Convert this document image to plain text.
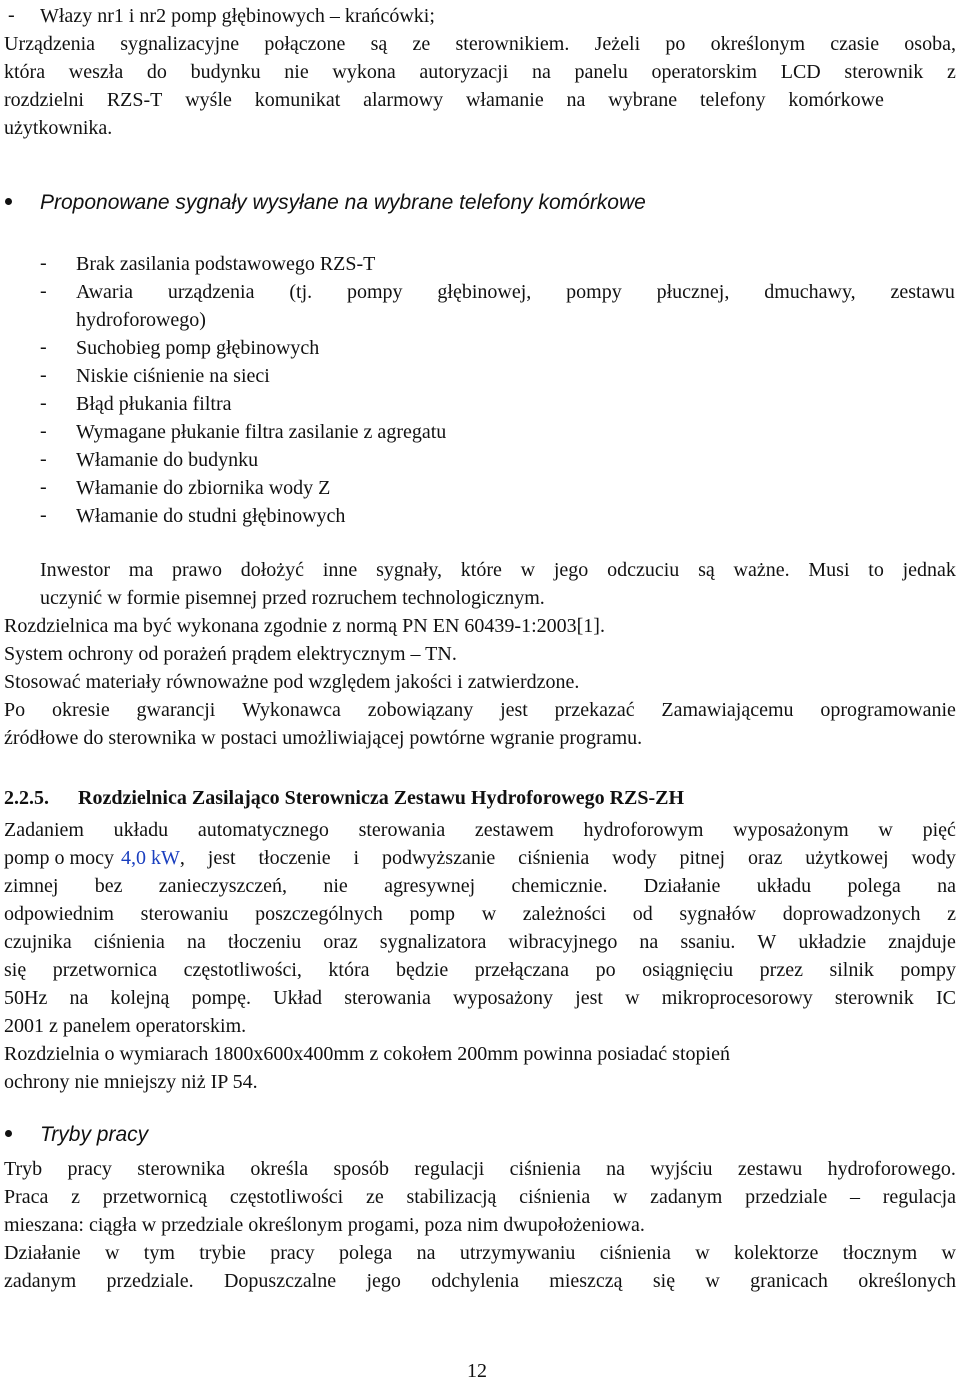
- Włazy nr1 i nr2 pomp głębinowych – krańcówki;
Urządzenia sygnalizacyjne połączone są ze sterownikiem. Jeżeli po określonym czasie osoba,
która weszła do budynku nie wykona autoryzacji na panelu operatorskim LCD sterownik z
rozdzielni RZS-T wyśle komunikat alarmowy włamanie na wybrane telefony komórkowe
użytkownika.
Proponowane sygnały wysyłane na wybrane telefony komórkowe
- Brak zasilania podstawowego RZS-T
- Awaria urządzenia (tj. pompy głębinowej, pompy płucznej, dmuchawy, zestawu
hydroforowego)
- Suchobieg pomp głębinowych
- Niskie ciśnienie na sieci
- Błąd płukania filtra
- Wymagane płukanie filtra zasilanie z agregatu
- Włamanie do budynku
- Włamanie do zbiornika wody Z
- Włamanie do studni głębinowych
Inwestor ma prawo dołożyć inne sygnały, które w jego odczuciu są ważne. Musi to jednak
uczynić w formie pisemnej przed rozruchem technologicznym.
Rozdzielnica ma być wykonana zgodnie z normą PN EN 60439-1:2003[1].
System ochrony od porażeń prądem elektrycznym – TN.
Stosować materiały równoważne pod względem jakości i zatwierdzone.
Po okresie gwarancji Wykonawca zobowiązany jest przekazać Zamawiającemu oprogramowanie
źródłowe do sterownika w postaci umożliwiającej powtórne wgranie programu.
2.2.5. Rozdzielnica Zasilająco Sterownicza Zestawu Hydroforowego RZS-ZH
Zadaniem układu automatycznego sterowania zestawem hydroforowym wyposażonym w pięć
pomp o mocy 4,0 kW , jest tłoczenie i podwyższanie ciśnienia wody pitnej oraz użytkowej wody
zimnej bez zanieczyszczeń, nie agresywnej chemicznie. Działanie układu polega na
odpowiednim sterowaniu poszczególnych pomp w zależności od sygnałów doprowadzonych z
czujnika ciśnienia na tłoczeniu oraz sygnalizatora wibracyjnego na ssaniu. W układzie znajduje
się przetwornica częstotliwości, która będzie przełączana po osiągnięciu przez silnik pompy
50Hz na kolejną pompę. Układ sterowania wyposażony jest w mikroprocesorowy sterownik IC
2001 z panelem operatorskim.
Rozdzielnia o wymiarach 1800x600x400mm z cokołem 200mm powinna posiadać stopień
ochrony nie mniejszy niż IP 54.
Tryby pracy
Tryb pracy sterownika określa sposób regulacji ciśnienia na wyjściu zestawu hydroforowego.
Praca z przetwornicą częstotliwości ze stabilizacją ciśnienia w zadanym przedziale – regulacja
mieszana: ciągła w przedziale określonym progami, poza nim dwupołożeniowa.
Działanie w tym trybie pracy polega na utrzymywaniu ciśnienia w kolektorze tłocznym w
zadanym przedziale. Dopuszczalne jego odchylenia mieszczą się w granicach określonych
12
